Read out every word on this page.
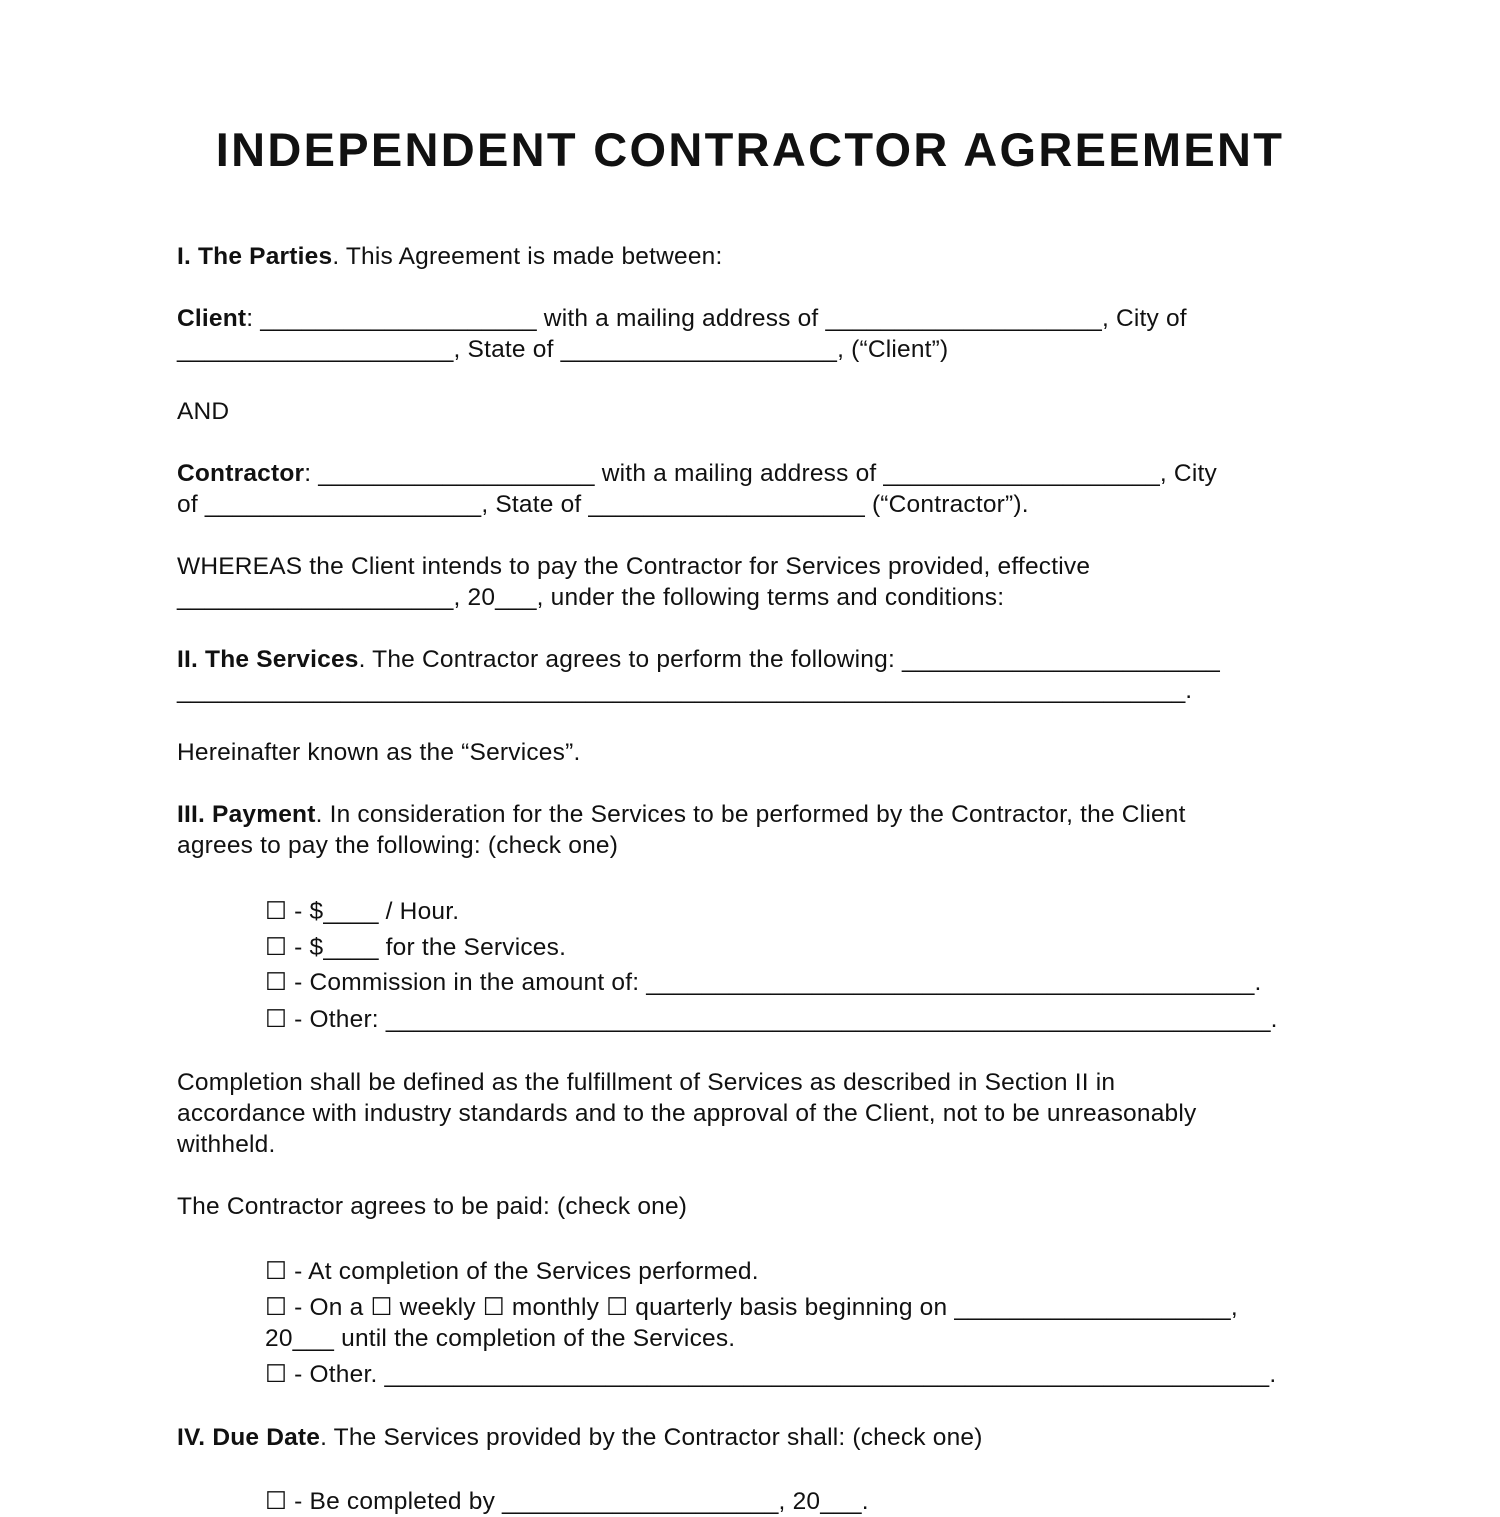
INDEPENDENT CONTRACTOR AGREEMENT
I. The Parties. This Agreement is made between:
Client: ____________________ with a mailing address of ____________________, City of
____________________, State of ____________________, (“Client”)
AND
Contractor: ____________________ with a mailing address of ____________________, City
of ____________________, State of ____________________ (“Contractor”).
WHEREAS the Client intends to pay the Contractor for Services provided, effective
____________________, 20___, under the following terms and conditions:
II. The Services. The Contractor agrees to perform the following: _______________________
__________________________________________________________________________.
Hereinafter known as the “Services”.
III. Payment. In consideration for the Services to be performed by the Contractor, the Client
agrees to pay the following: (check one)
☐ - $____ / Hour.
☐ - $____ for the Services.
☐ - Commission in the amount of: ____________________________________________.
☐ - Other: ________________________________________________________________.
Completion shall be defined as the fulfillment of Services as described in Section II in
accordance with industry standards and to the approval of the Client, not to be unreasonably
withheld.
The Contractor agrees to be paid: (check one)
☐ - At completion of the Services performed.
☐ - On a ☐ weekly ☐ monthly ☐ quarterly basis beginning on ____________________,
20___ until the completion of the Services.
☐ - Other. ________________________________________________________________.
IV. Due Date. The Services provided by the Contractor shall: (check one)
☐ - Be completed by ____________________, 20___.
